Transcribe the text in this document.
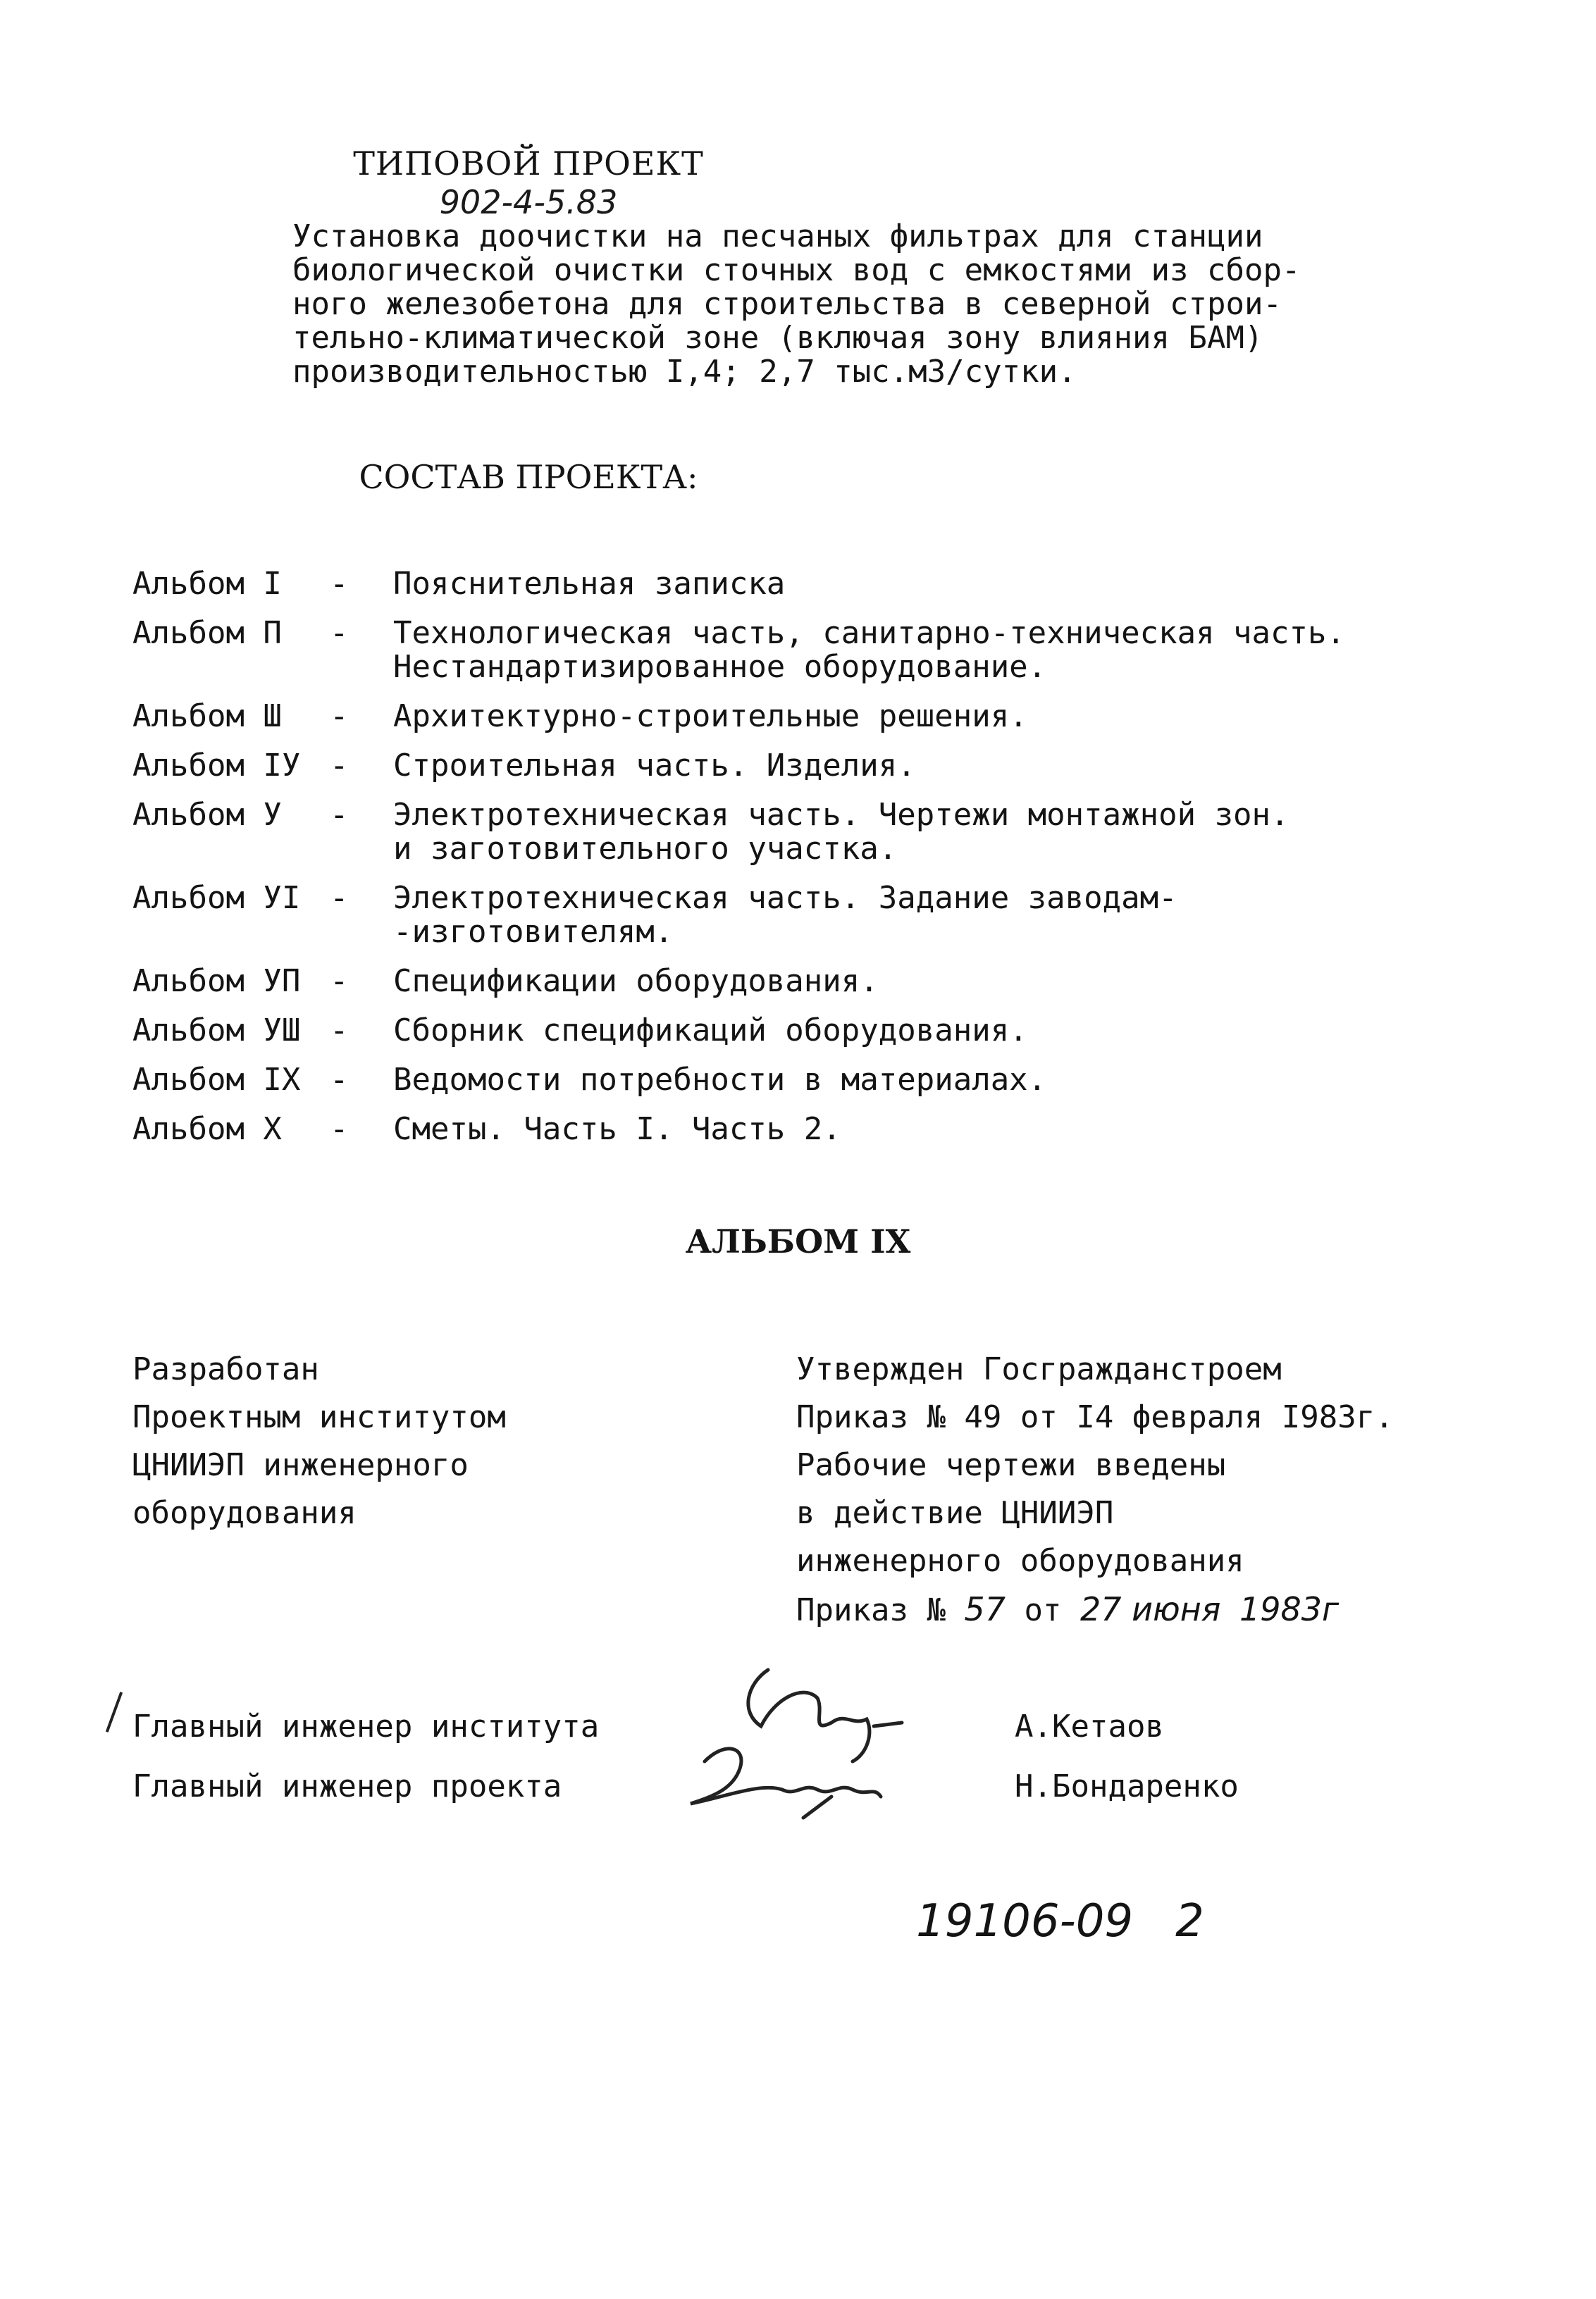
ТИПОВОЙ ПРОЕКТ
902-4-5.83
Установка доочистки на песчаных фильтрах для станции
биологической очистки сточных вод с емкостями из сбор-
ного железобетона для строительства в северной строи-
тельно-климатической зоне (включая зону влияния БАМ)
производительностью I,4; 2,7 тыс.м3/сутки.
СОСТАВ ПРОЕКТА:
Альбом I	-	Пояснительная записка
Альбом П	-	Технологическая часть, санитарно-техническая часть.
Нестандартизированное оборудование.
Альбом Ш	-	Архитектурно-строительные решения.
Альбом IУ -	Строительная часть. Изделия.
Альбом У	-	Электротехническая часть. Чертежи монтажной зон.
и заготовительного участка.
Альбом УI -	Электротехническая часть. Задание заводам-
-изготовителям.
Альбом УП -	Спецификации оборудования.
Альбом УШ -	Сборник спецификаций оборудования.
Альбом IX -	Ведомости потребности в материалах.
Альбом X	-	Сметы. Часть I. Часть 2.
АЛЬБОМ IX
Разработан
Проектным институтом
ЦНИИЭП инженерного
оборудования
Утвержден Госгражданстроем
Приказ № 49 от I4 февраля I983г.
Рабочие чертежи введены
в действие ЦНИИЭП
инженерного оборудования
Приказ № 57 от 27 июня 1983г
Главный инженер института	А.Кетаов
Главный инженер проекта	Н.Бондаренко
19106-09 2
